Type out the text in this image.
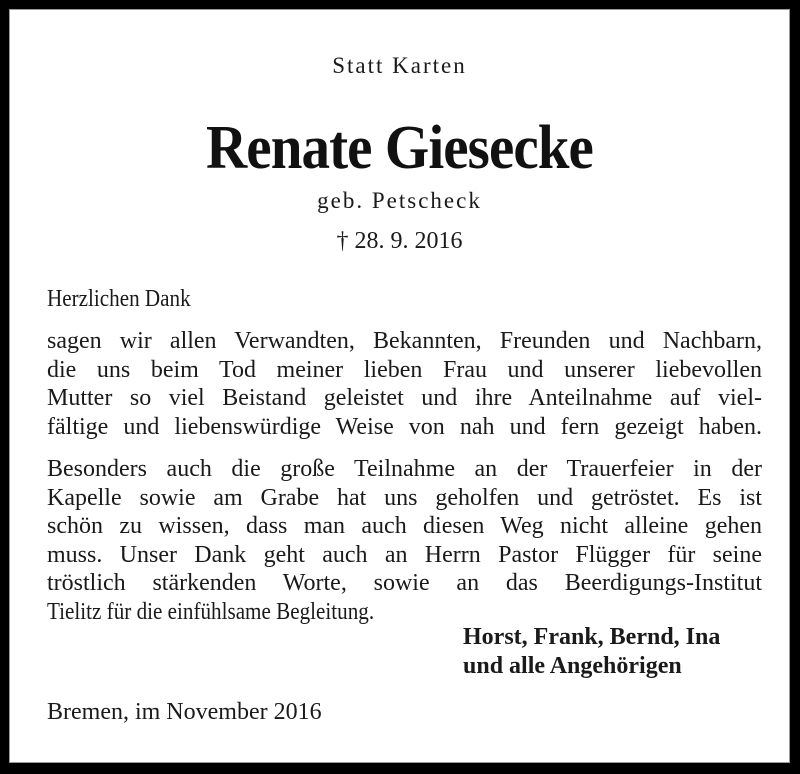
Statt Karten
Renate Giesecke
geb. Petscheck
† 28. 9. 2016
Herzlichen Dank
sagen wir allen Verwandten, Bekannten, Freunden und Nachbarn,
die uns beim Tod meiner lieben Frau und unserer liebevollen
Mutter so viel Beistand geleistet und ihre Anteilnahme auf viel-
fältige und liebenswürdige Weise von nah und fern gezeigt haben.
Besonders auch die große Teilnahme an der Trauerfeier in der
Kapelle sowie am Grabe hat uns geholfen und getröstet. Es ist
schön zu wissen, dass man auch diesen Weg nicht alleine gehen
muss. Unser Dank geht auch an Herrn Pastor Flügger für seine
tröstlich stärkenden Worte, sowie an das Beerdigungs-Institut
Tielitz für die einfühlsame Begleitung.
Horst, Frank, Bernd, Ina
und alle Angehörigen
Bremen, im November 2016
